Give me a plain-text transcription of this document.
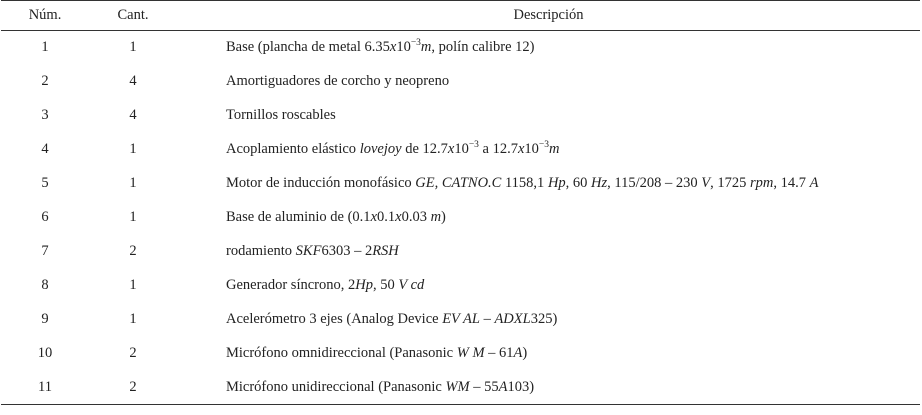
Núm.	Cant.	Descripción
1	1	Base (plancha de metal $6.35x10^{-3}m$, polín calibre 12)
2	4	Amortiguadores de corcho y neopreno
3	4	Tornillos roscables
4	1	Acoplamiento elástico lovejoy de $12.7x10^{-3}$ a $12.7x10^{-3}m$
5	1	Motor de inducción monofásico GE, CATNO.C 1158,1 Hp, 60 Hz, 115/208 – 230 V, 1725 rpm, 14.7 A
6	1	Base de aluminio de (0.1x0.1x0.03 m)
7	2	rodamiento SKF6303 – 2RSH
8	1	Generador síncrono, 2Hp, 50 V cd
9	1	Acelerómetro 3 ejes (Analog Device EV AL – ADXL325)
10	2	Micrófono omnidireccional (Panasonic W M – 61A)
11	2	Micrófono unidireccional (Panasonic WM – 55A103)
